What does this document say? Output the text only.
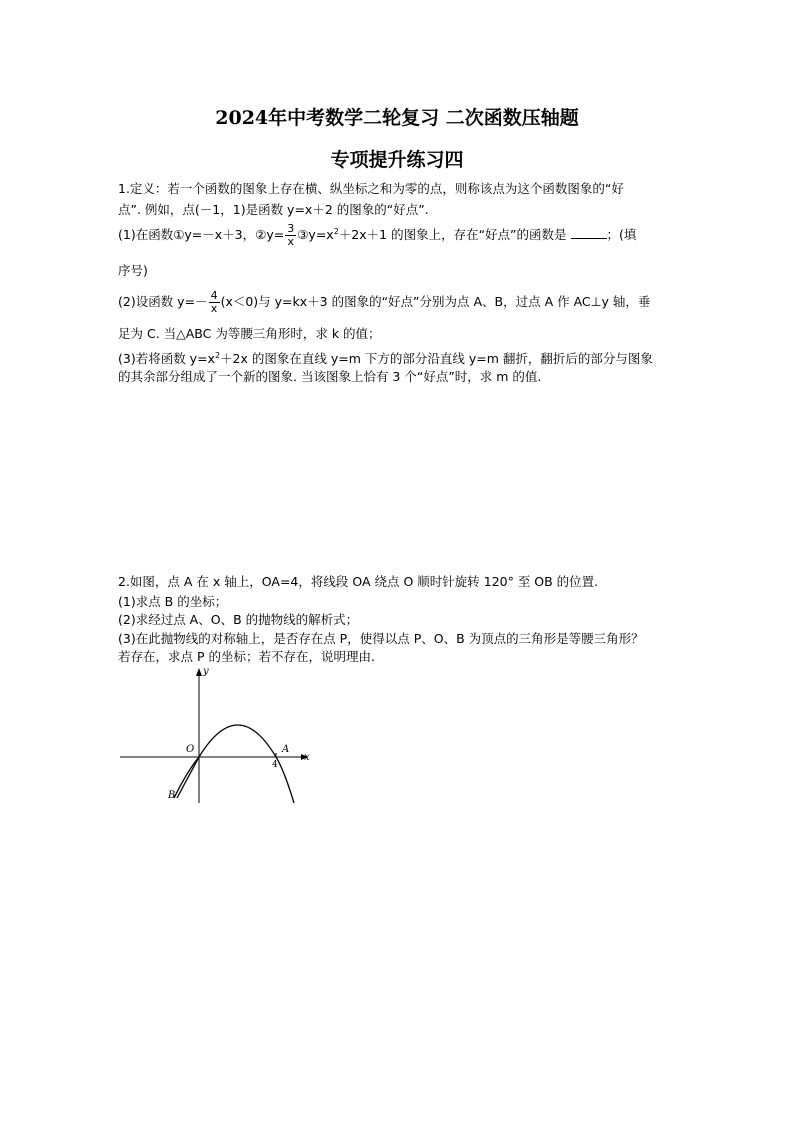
2024年中考数学二轮复习 二次函数压轴题
专项提升练习四
1.定义：若一个函数的图象上存在横、纵坐标之和为零的点，则称该点为这个函数图象的“好
点”. 例如，点(－1，1)是函数 y=x＋2 的图象的“好点”.
(1)在函数①y=－x＋3，②y= $\frac{3}{x}$ $③y=x^2+2x+1$ 的图象上，存在“好点”的函数是	；(填
序号)
(2)设函数 $y=- \frac{4}{x} (x<0)$与 y=kx＋3 的图象的“好点”分别为点 A、B，过点 A 作 AC⊥y 轴，垂
足为 C. 当△ABC 为等腰三角形时，求 k 的值；
(3)若将函数 $y=x^2+2x$ 的图象在直线 y=m 下方的部分沿直线 y=m 翻折，翻折后的部分与图象
的其余部分组成了一个新的图象. 当该图象上恰有 3 个“好点”时，求 m 的值.
2.如图，点 A 在 x 轴上，OA=4，将线段 OA 绕点 O 顺时针旋转 120° 至 OB 的位置.
(1)求点 B 的坐标；
(2)求经过点 A、O、B 的抛物线的解析式；
(3)在此抛物线的对称轴上，是否存在点 P，使得以点 P、O、B 为顶点的三角形是等腰三角形？
若存在，求点 P 的坐标；若不存在，说明理由.
y
x
O	A
4
B
